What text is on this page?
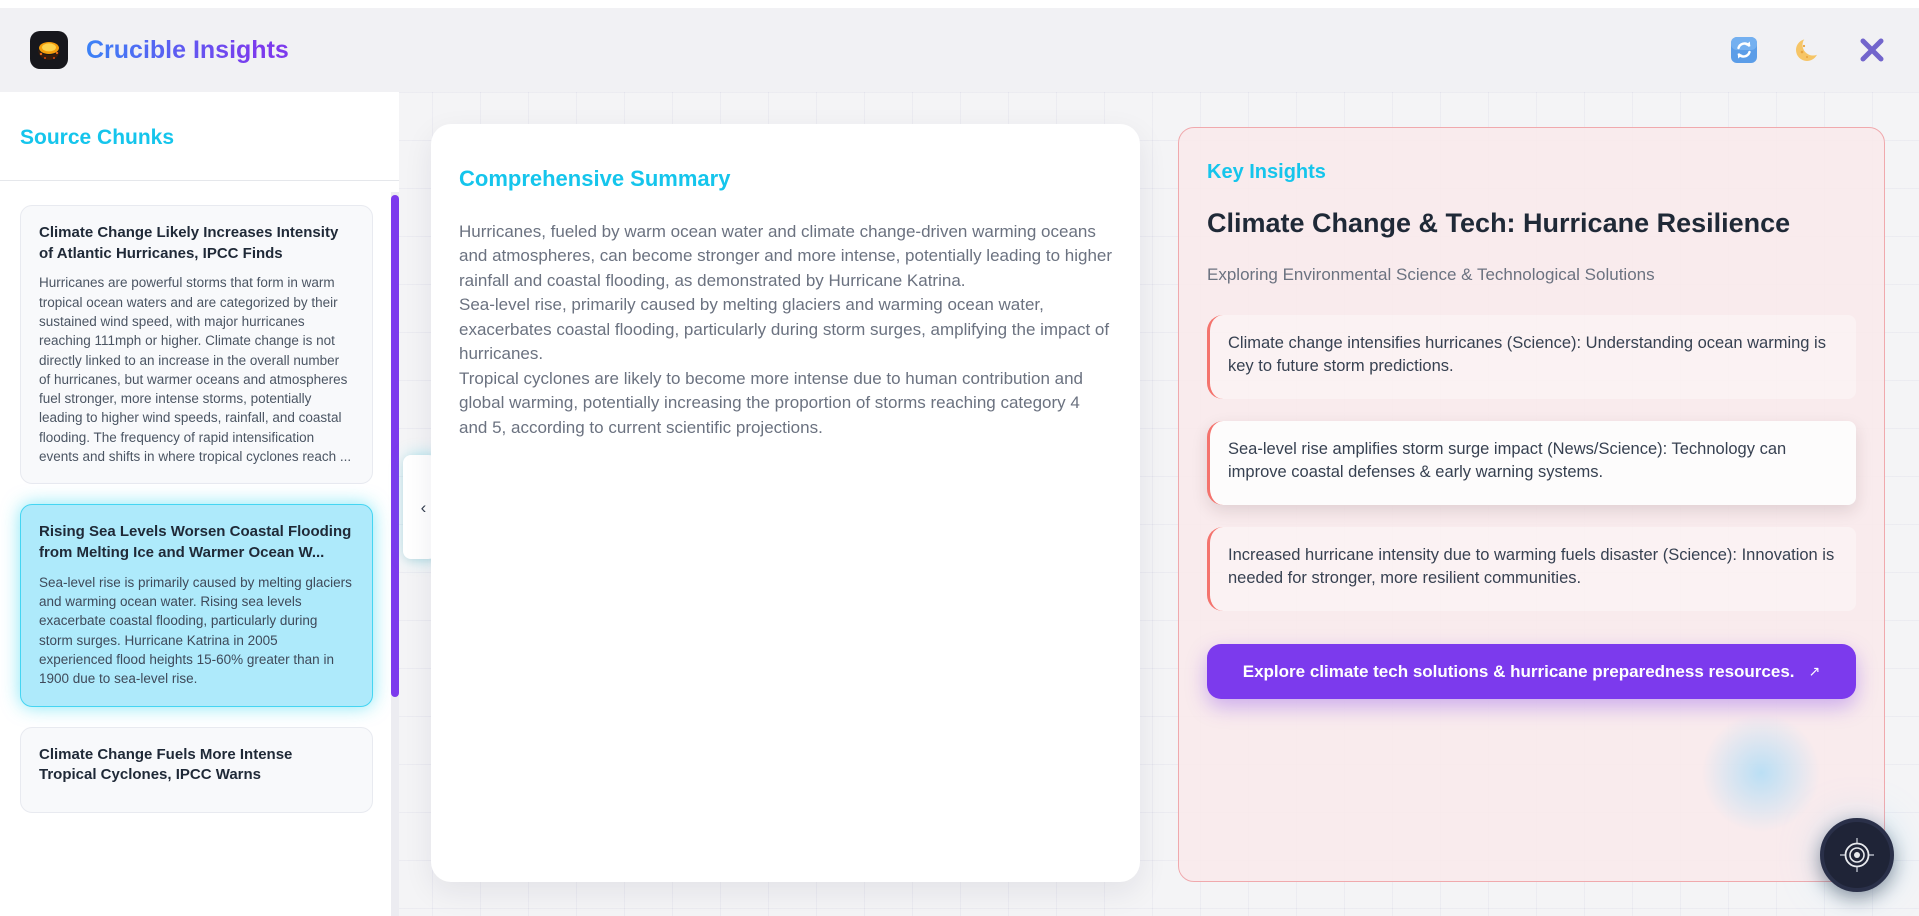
Crucible Insights
Source Chunks
Climate Change Likely Increases Intensity of Atlantic Hurricanes, IPCC Finds
Hurricanes are powerful storms that form in warm tropical ocean waters and are categorized by their sustained wind speed, with major hurricanes reaching 111mph or higher. Climate change is not directly linked to an increase in the overall number of hurricanes, but warmer oceans and atmospheres fuel stronger, more intense storms, potentially leading to higher wind speeds, rainfall, and coastal flooding. The frequency of rapid intensification events and shifts in where tropical cyclones reach ...
Rising Sea Levels Worsen Coastal Flooding from Melting Ice and Warmer Ocean W...
Sea-level rise is primarily caused by melting glaciers and warming ocean water. Rising sea levels exacerbate coastal flooding, particularly during storm surges. Hurricane Katrina in 2005 experienced flood heights 15-60% greater than in 1900 due to sea-level rise.
Climate Change Fuels More Intense Tropical Cyclones, IPCC Warns
‹
Comprehensive Summary

Hurricanes, fueled by warm ocean water and climate change-driven warming oceans and atmospheres, can become stronger and more intense, potentially leading to higher rainfall and coastal flooding, as demonstrated by Hurricane Katrina.

Sea-level rise, primarily caused by melting glaciers and warming ocean water, exacerbates coastal flooding, particularly during storm surges, amplifying the impact of hurricanes.

Tropical cyclones are likely to become more intense due to human contribution and global warming, potentially increasing the proportion of storms reaching category 4 and 5, according to current scientific projections.

Key Insights
Climate Change & Tech: Hurricane Resilience
Exploring Environmental Science & Technological Solutions
Climate change intensifies hurricanes (Science): Understanding ocean warming is key to future storm predictions.
Sea-level rise amplifies storm surge impact (News/Science): Technology can improve coastal defenses & early warning systems.
Increased hurricane intensity due to warming fuels disaster (Science): Innovation is needed for stronger, more resilient communities.
Explore climate tech solutions & hurricane preparedness resources. ↗
